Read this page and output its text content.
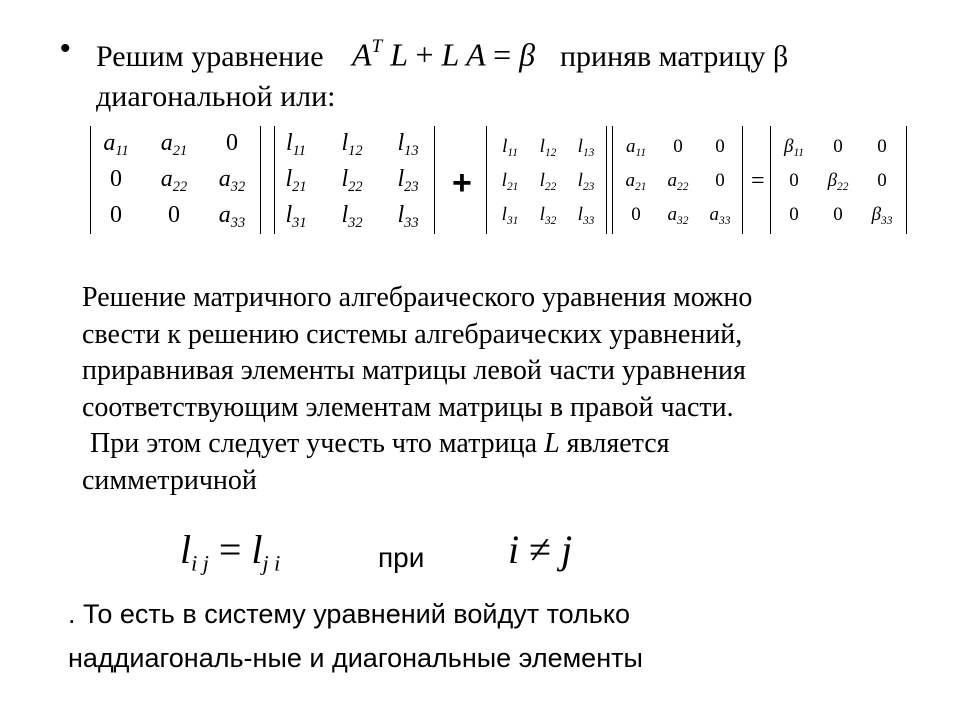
• Решим уравнение $A^T$ L + L A = β приняв матрицу β
диагональной или:
$a_{11}$	$a_{21}$	0
0	$a_{22}$ $a_{32}$
0	0	$a_{33}$
$l_{11}$	$l_{12}$	$l_{13}$
$l_{21}$	$l_{22}$	$l_{23}$
$l_{31}$	$l_{32}$	$l_{33}$
+
$l_{11}$	$l_{12}$	$l_{13}$
$l_{21}$	$l_{22}$	$l_{23}$
$l_{31}$	$l_{32}$	$l_{33}$
$a_{11}$	0	0
$a_{21}$	$a_{22}$	0
0	$a_{32}$	$a_{33}$
=
$\beta_{11}$	0	0
0	$\beta_{22}$	0
0	0	$\beta_{33}$
Решение матричного алгебраического уравнения можно
свести к решению системы алгебраических уравнений,
приравнивая элементы матрицы левой части уравнения
соответствующим элементам матрицы в правой части.
При этом следует учесть что матрица L является
симметричной
$l_{i j} = l_{j i}$	при i ≠ j
. То есть в систему уравнений войдут только
наддиагональ-ные и диагональные элементы
